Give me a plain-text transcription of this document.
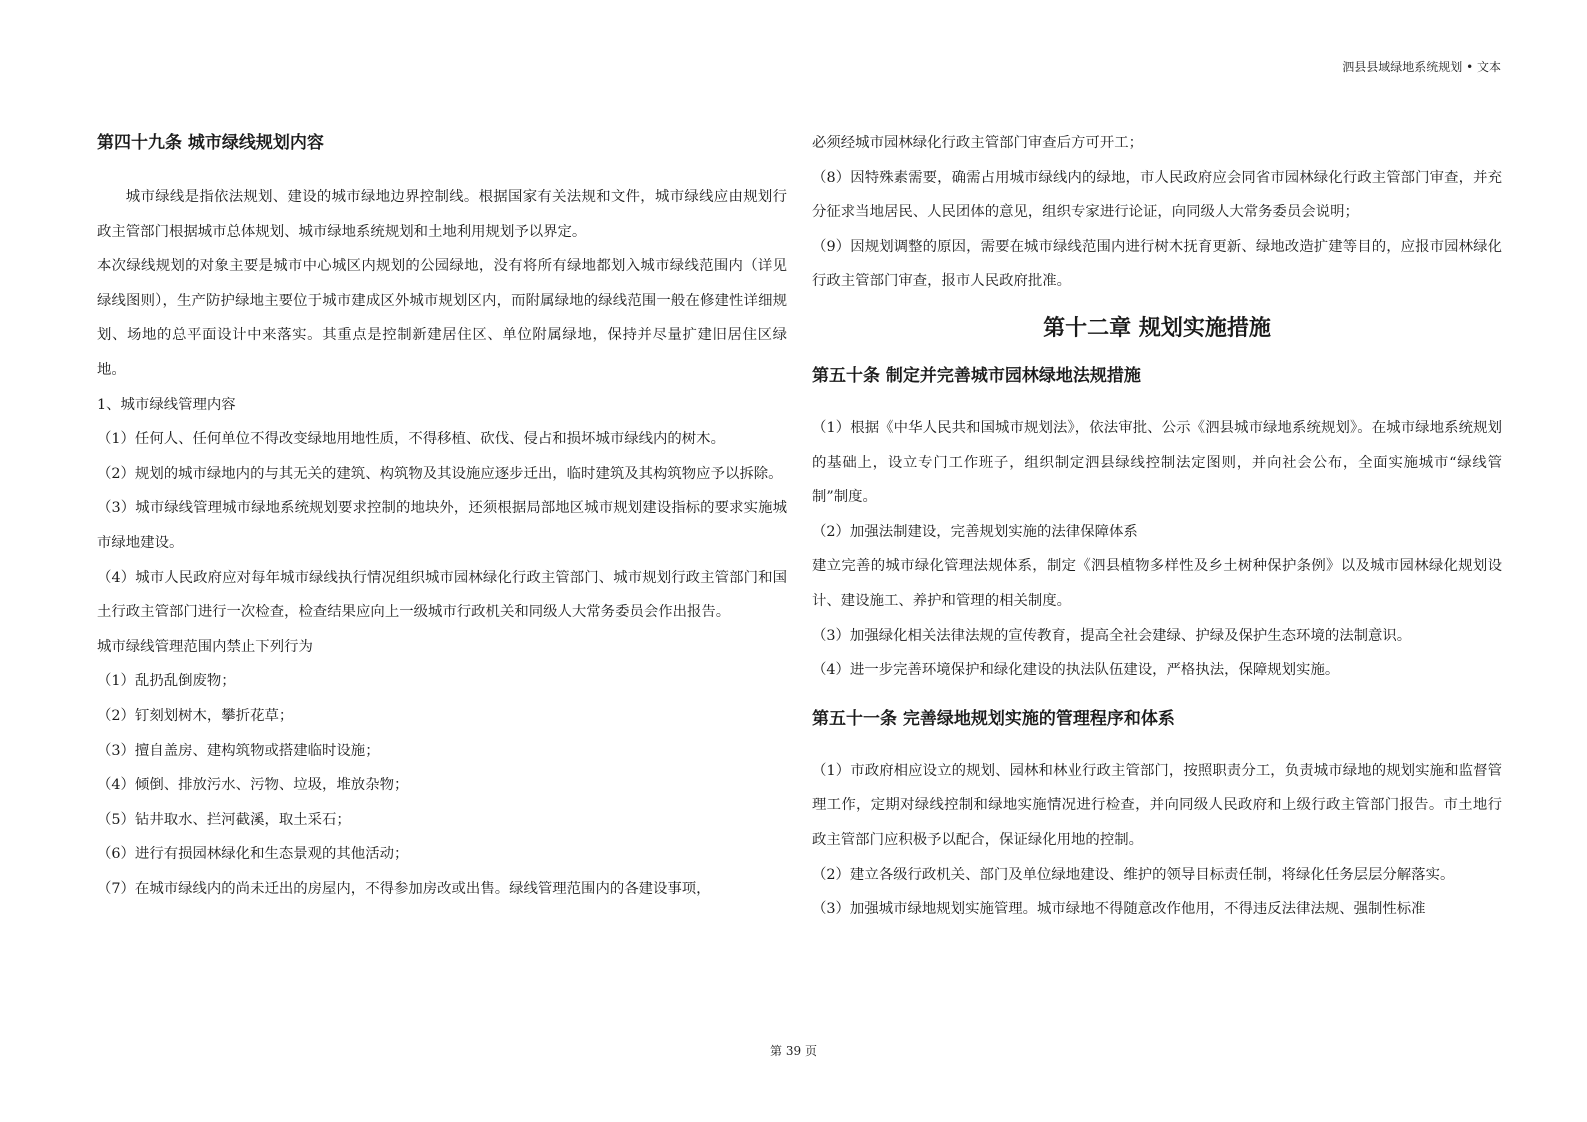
泗县县域绿地系统规划 • 文本
第四十九条 城市绿线规划内容

城市绿线是指依法规划、建设的城市绿地边界控制线。根据国家有关法规和文件，城市绿线应由规划行政主管部门根据城市总体规划、城市绿地系统规划和土地利用规划予以界定。

本次绿线规划的对象主要是城市中心城区内规划的公园绿地，没有将所有绿地都划入城市绿线范围内（详见绿线图则），生产防护绿地主要位于城市建成区外城市规划区内，而附属绿地的绿线范围一般在修建性详细规划、场地的总平面设计中来落实。其重点是控制新建居住区、单位附属绿地，保持并尽量扩建旧居住区绿地。

1、城市绿线管理内容

（1）任何人、任何单位不得改变绿地用地性质，不得移植、砍伐、侵占和损坏城市绿线内的树木。

（2）规划的城市绿地内的与其无关的建筑、构筑物及其设施应逐步迁出，临时建筑及其构筑物应予以拆除。

（3）城市绿线管理城市绿地系统规划要求控制的地块外，还须根据局部地区城市规划建设指标的要求实施城市绿地建设。

（4）城市人民政府应对每年城市绿线执行情况组织城市园林绿化行政主管部门、城市规划行政主管部门和国土行政主管部门进行一次检查，检查结果应向上一级城市行政机关和同级人大常务委员会作出报告。

城市绿线管理范围内禁止下列行为

（1）乱扔乱倒废物；

（2）钉刻划树木，攀折花草；

（3）擅自盖房、建构筑物或搭建临时设施；

（4）倾倒、排放污水、污物、垃圾，堆放杂物；

（5）钻井取水、拦河截溪，取土采石；

（6）进行有损园林绿化和生态景观的其他活动；

（7）在城市绿线内的尚未迁出的房屋内，不得参加房改或出售。绿线管理范围内的各建设事项，

必须经城市园林绿化行政主管部门审查后方可开工；

（8）因特殊素需要，确需占用城市绿线内的绿地，市人民政府应会同省市园林绿化行政主管部门审查，并充分征求当地居民、人民团体的意见，组织专家进行论证，向同级人大常务委员会说明；

（9）因规划调整的原因，需要在城市绿线范围内进行树木抚育更新、绿地改造扩建等目的，应报市园林绿化行政主管部门审查，报市人民政府批准。

第十二章 规划实施措施
第五十条 制定并完善城市园林绿地法规措施

（1）根据《中华人民共和国城市规划法》，依法审批、公示《泗县城市绿地系统规划》。在城市绿地系统规划的基础上，设立专门工作班子，组织制定泗县绿线控制法定图则，并向社会公布，全面实施城市“绿线管制”制度。

（2）加强法制建设，完善规划实施的法律保障体系

建立完善的城市绿化管理法规体系，制定《泗县植物多样性及乡土树种保护条例》以及城市园林绿化规划设计、建设施工、养护和管理的相关制度。

（3）加强绿化相关法律法规的宣传教育，提高全社会建绿、护绿及保护生态环境的法制意识。

（4）进一步完善环境保护和绿化建设的执法队伍建设，严格执法，保障规划实施。

第五十一条 完善绿地规划实施的管理程序和体系

（1）市政府相应设立的规划、园林和林业行政主管部门，按照职责分工，负责城市绿地的规划实施和监督管理工作，定期对绿线控制和绿地实施情况进行检查，并向同级人民政府和上级行政主管部门报告。市土地行政主管部门应积极予以配合，保证绿化用地的控制。

（2）建立各级行政机关、部门及单位绿地建设、维护的领导目标责任制，将绿化任务层层分解落实。

（3）加强城市绿地规划实施管理。城市绿地不得随意改作他用，不得违反法律法规、强制性标准

第 39 页
